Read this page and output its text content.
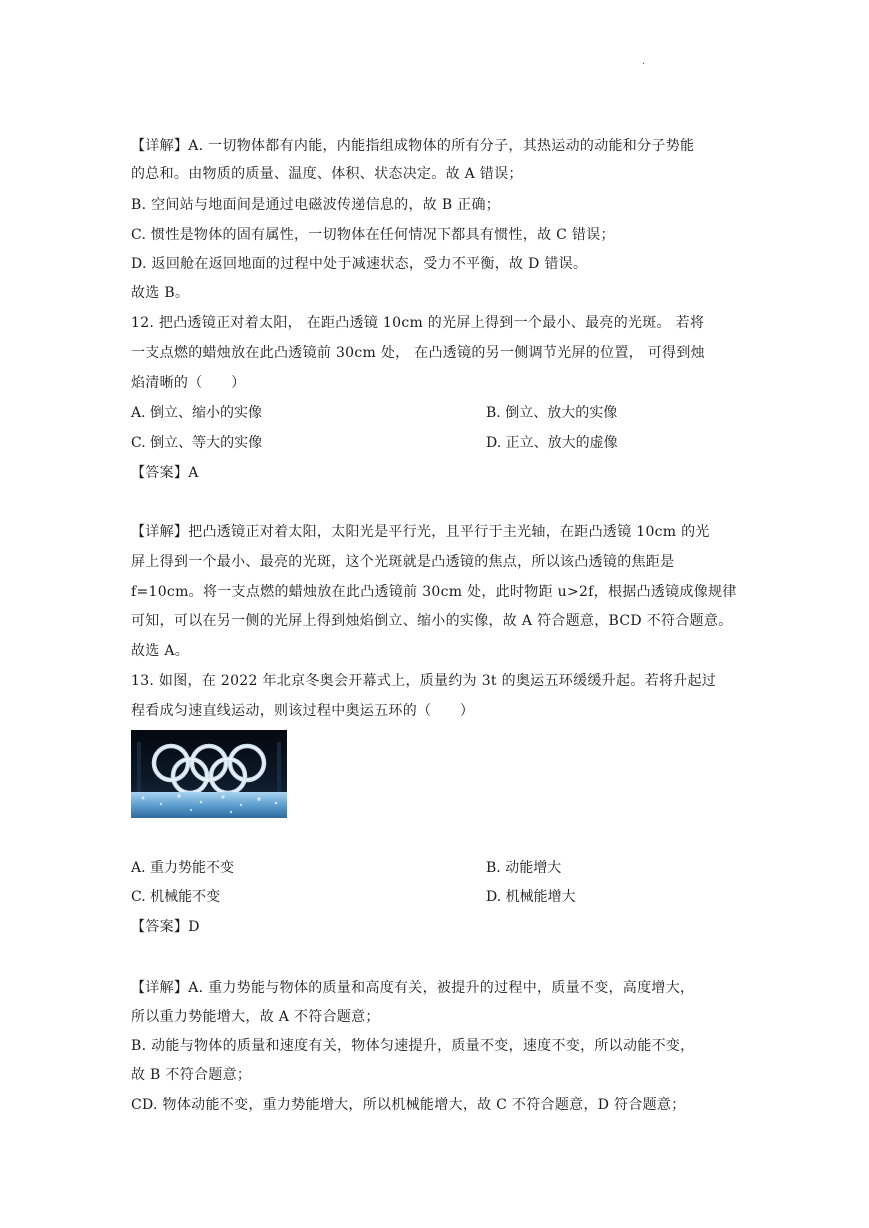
.
【详解】A. 一切物体都有内能，内能指组成物体的所有分子，其热运动的动能和分子势能
的总和。由物质的质量、温度、体积、状态决定。故 A 错误；
B. 空间站与地面间是通过电磁波传递信息的，故 B 正确；
C. 惯性是物体的固有属性，一切物体在任何情况下都具有惯性，故 C 错误；
D. 返回舱在返回地面的过程中处于减速状态，受力不平衡，故 D 错误。
故选 B。
12. 把凸透镜正对着太阳， 在距凸透镜 10cm 的光屏上得到一个最小、最亮的光斑。 若将
一支点燃的蜡烛放在此凸透镜前 30cm 处， 在凸透镜的另一侧调节光屏的位置， 可得到烛
焰清晰的（　　）
A. 倒立、缩小的实像	B. 倒立、放大的实像
C. 倒立、等大的实像	D. 正立、放大的虚像
【答案】A
【详解】把凸透镜正对着太阳，太阳光是平行光，且平行于主光轴，在距凸透镜 10cm 的光
屏上得到一个最小、最亮的光斑，这个光斑就是凸透镜的焦点，所以该凸透镜的焦距是
f=10cm。将一支点燃的蜡烛放在此凸透镜前 30cm 处，此时物距 u>2f，根据凸透镜成像规律
可知，可以在另一侧的光屏上得到烛焰倒立、缩小的实像，故 A 符合题意，BCD 不符合题意。
故选 A。
13. 如图，在 2022 年北京冬奥会开幕式上，质量约为 3t 的奥运五环缓缓升起。若将升起过
程看成匀速直线运动，则该过程中奥运五环的（　　）
A. 重力势能不变	B. 动能增大
C. 机械能不变	D. 机械能增大
【答案】D
【详解】A. 重力势能与物体的质量和高度有关，被提升的过程中，质量不变，高度增大，
所以重力势能增大，故 A 不符合题意；
B. 动能与物体的质量和速度有关，物体匀速提升，质量不变，速度不变，所以动能不变，
故 B 不符合题意；
CD. 物体动能不变，重力势能增大，所以机械能增大，故 C 不符合题意，D 符合题意；
